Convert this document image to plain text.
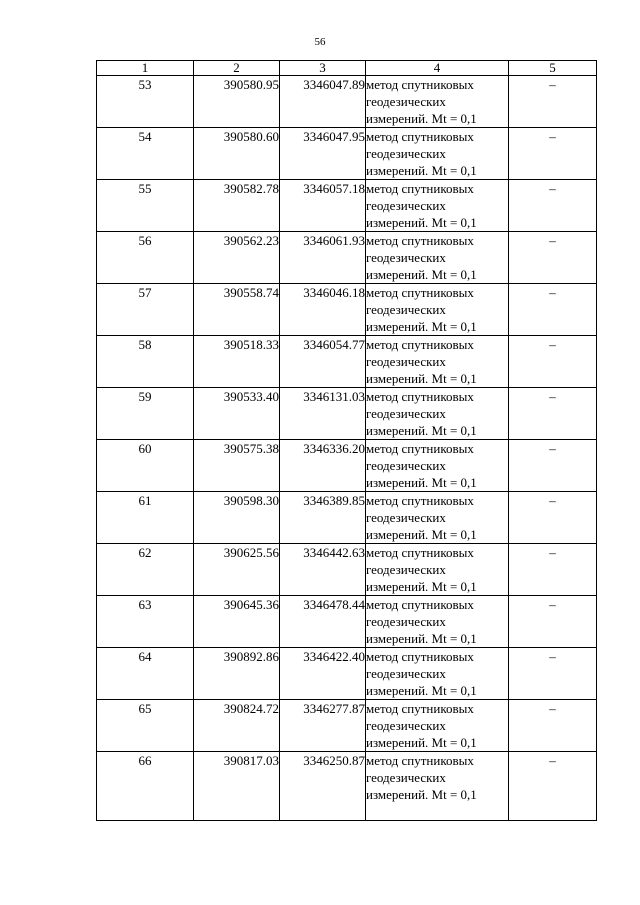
56
1	2	3	4	5
53	390580.95	3346047.89	метод спутниковых геодезических измерений. Mt = 0,1	–
54	390580.60	3346047.95	метод спутниковых геодезических измерений. Mt = 0,1	–
55	390582.78	3346057.18	метод спутниковых геодезических измерений. Mt = 0,1	–
56	390562.23	3346061.93	метод спутниковых геодезических измерений. Mt = 0,1	–
57	390558.74	3346046.18	метод спутниковых геодезических измерений. Mt = 0,1	–
58	390518.33	3346054.77	метод спутниковых геодезических измерений. Mt = 0,1	–
59	390533.40	3346131.03	метод спутниковых геодезических измерений. Mt = 0,1	–
60	390575.38	3346336.20	метод спутниковых геодезических измерений. Mt = 0,1	–
61	390598.30	3346389.85	метод спутниковых геодезических измерений. Mt = 0,1	–
62	390625.56	3346442.63	метод спутниковых геодезических измерений. Mt = 0,1	–
63	390645.36	3346478.44	метод спутниковых геодезических измерений. Mt = 0,1	–
64	390892.86	3346422.40	метод спутниковых геодезических измерений. Mt = 0,1	–
65	390824.72	3346277.87	метод спутниковых геодезических измерений. Mt = 0,1	–
66	390817.03	3346250.87	метод спутниковых геодезических измерений. Mt = 0,1	–
